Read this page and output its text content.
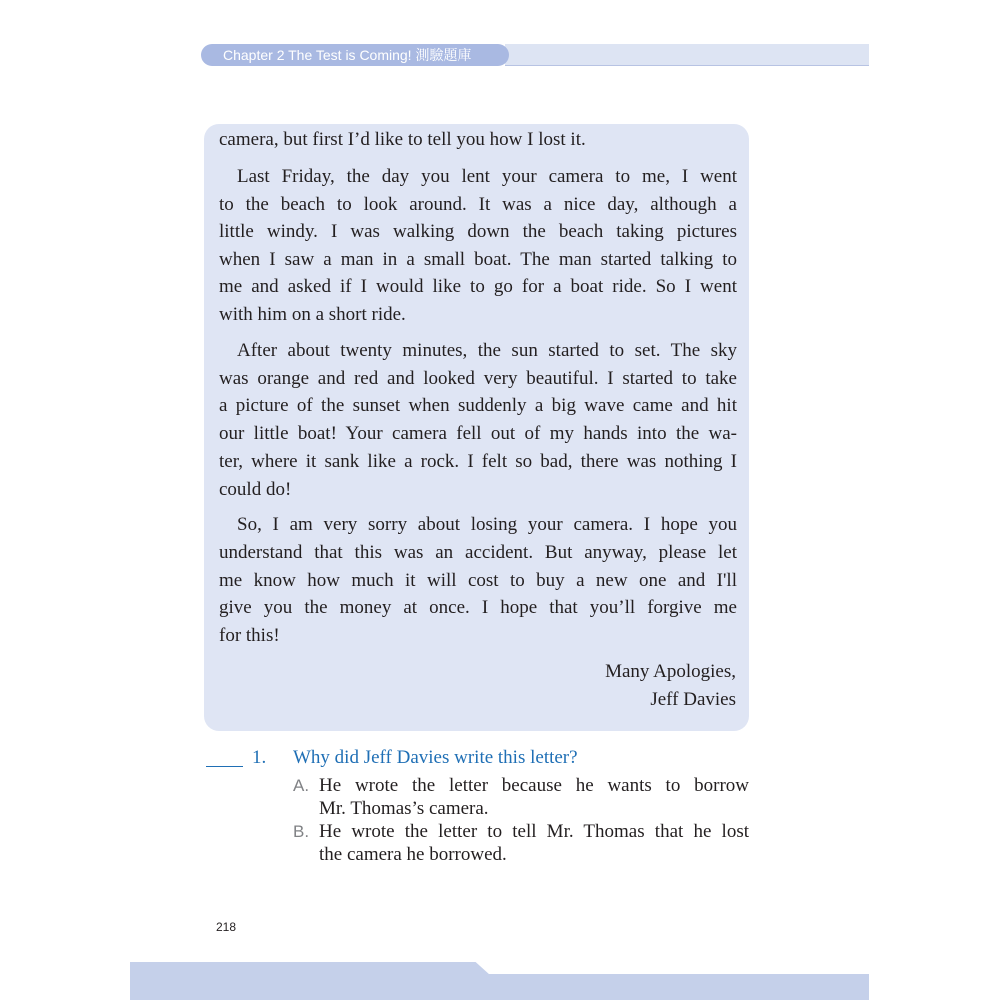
Chapter 2 The Test is Coming! 測驗題庫
camera, but first I’d like to tell you how I lost it.
Last Friday, the day you lent your camera to me, I went
to the beach to look around. It was a nice day, although a
little windy. I was walking down the beach taking pictures
when I saw a man in a small boat. The man started talking to
me and asked if I would like to go for a boat ride. So I went
with him on a short ride.
After about twenty minutes, the sun started to set. The sky
was orange and red and looked very beautiful. I started to take
a picture of the sunset when suddenly a big wave came and hit
our little boat! Your camera fell out of my hands into the wa-
ter, where it sank like a rock. I felt so bad, there was nothing I
could do!
So, I am very sorry about losing your camera. I hope you
understand that this was an accident. But anyway, please let
me know how much it will cost to buy a new one and I'll
give you the money at once. I hope that you’ll forgive me
for this!
Many Apologies,
Jeff Davies
1. Why did Jeff Davies write this letter?
A. He wrote the letter because he wants to borrow
Mr. Thomas’s camera.
B. He wrote the letter to tell Mr. Thomas that he lost
the camera he borrowed.
218
